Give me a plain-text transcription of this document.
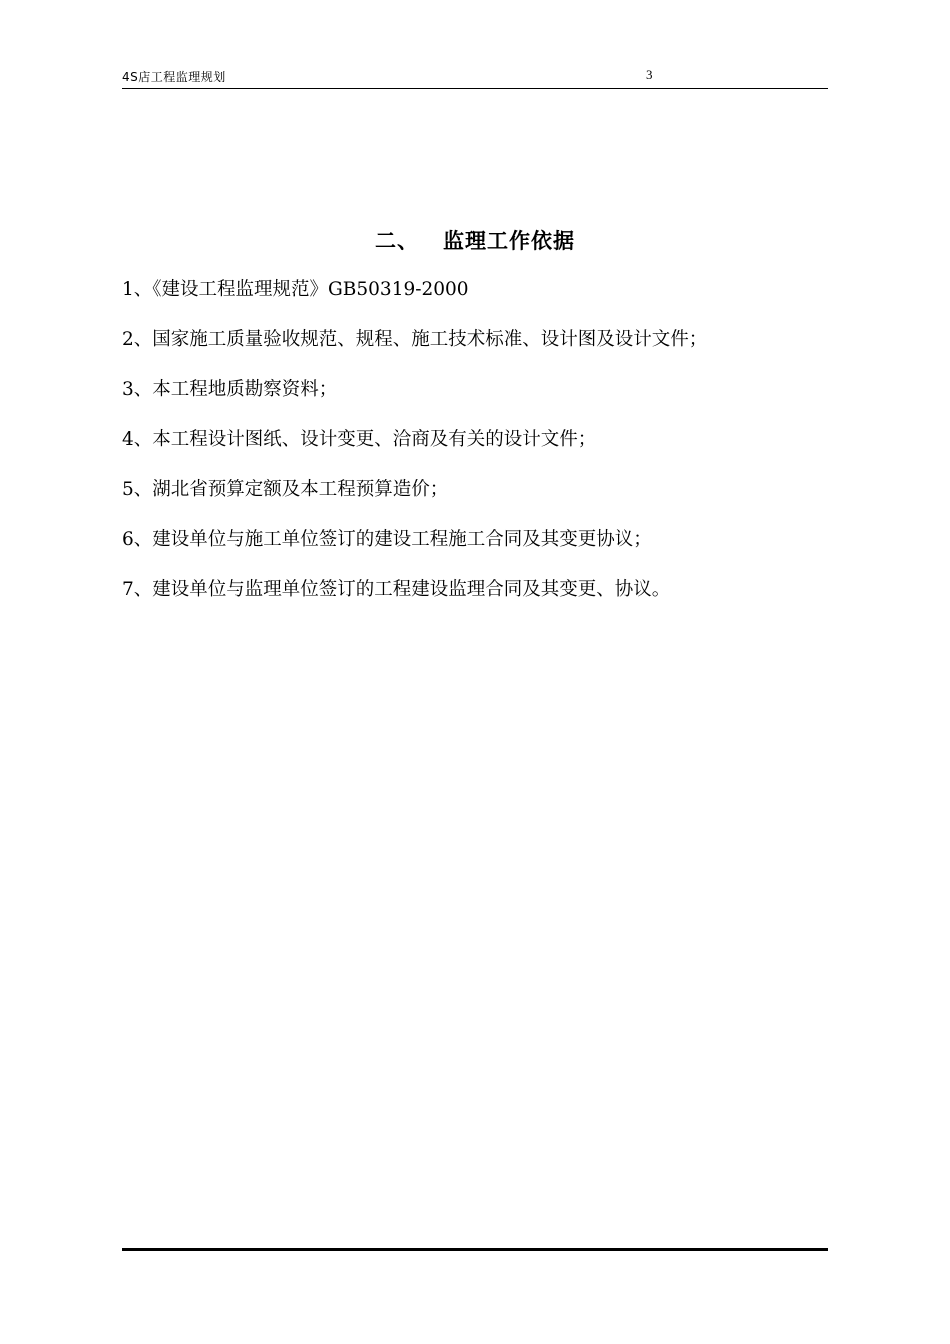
4S店工程监理规划	3
二、 监理工作依据
1、《建设工程监理规范》GB50319-2000
2、国家施工质量验收规范、规程、施工技术标准、设计图及设计文件；
3、本工程地质勘察资料；
4、本工程设计图纸、设计变更、洽商及有关的设计文件；
5、湖北省预算定额及本工程预算造价；
6、建设单位与施工单位签订的建设工程施工合同及其变更协议；
7、建设单位与监理单位签订的工程建设监理合同及其变更、协议。
